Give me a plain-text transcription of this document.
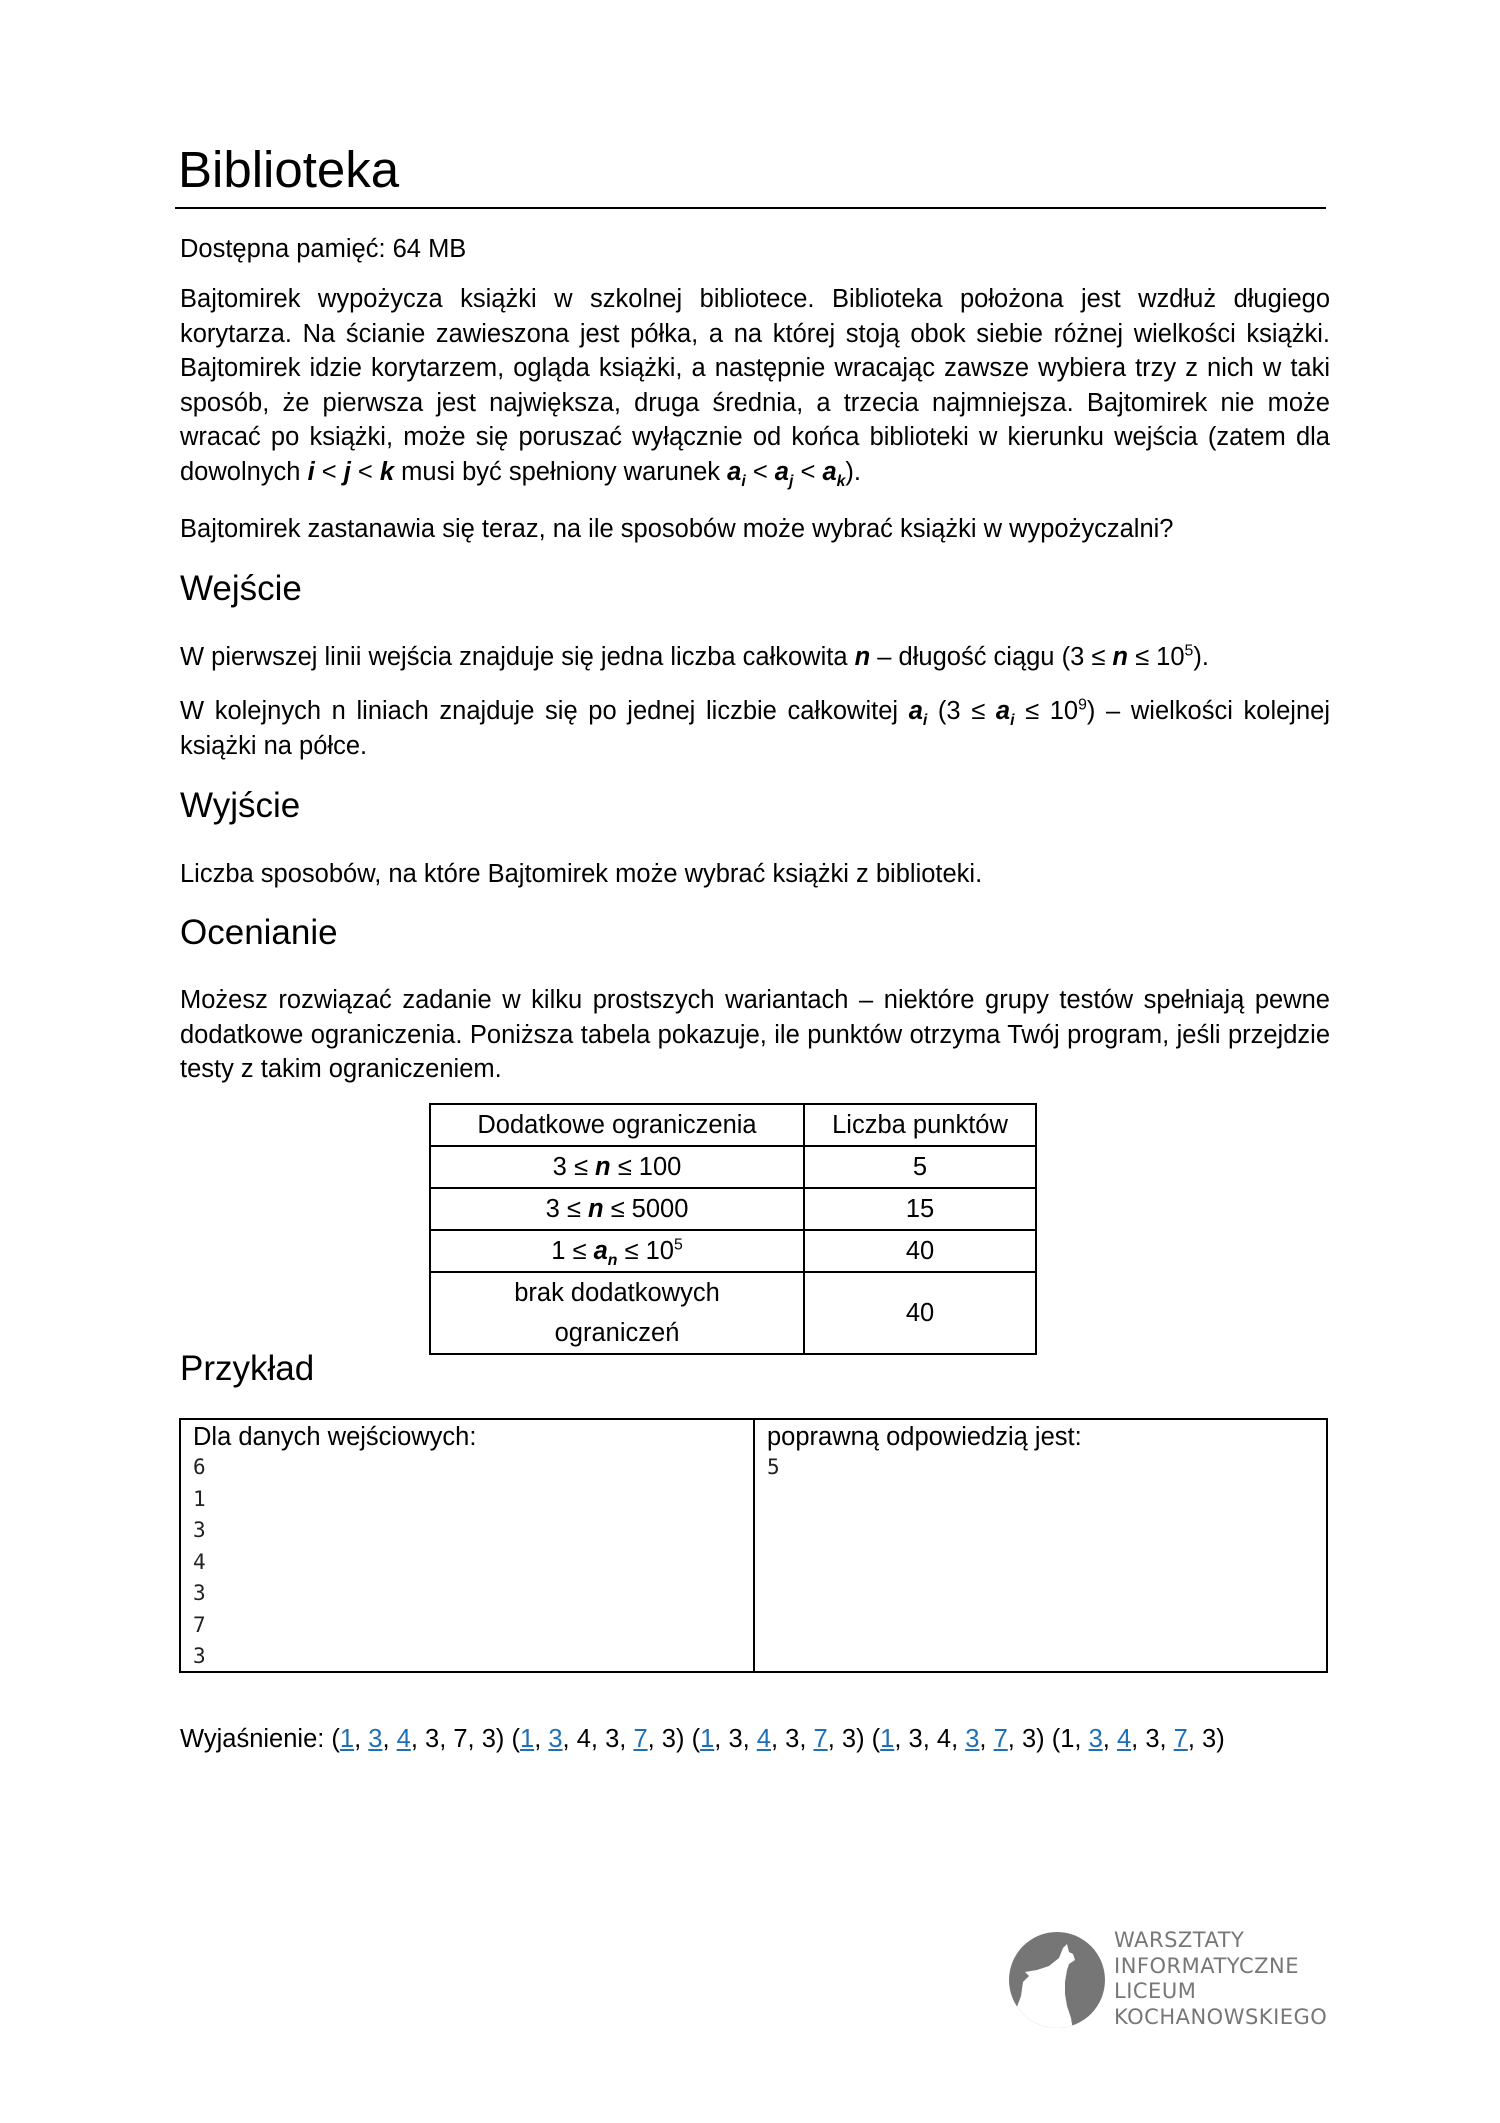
Biblioteka

Dostępna pamięć: 64 MB

Bajtomirek wypożycza książki w szkolnej bibliotece. Biblioteka położona jest wzdłuż długiego korytarza. Na ścianie zawieszona jest półka, a na której stoją obok siebie różnej wielkości książki. Bajtomirek idzie korytarzem, ogląda książki, a następnie wracając zawsze wybiera trzy z nich w taki sposób, że pierwsza jest największa, druga średnia, a trzecia najmniejsza. Bajtomirek nie może wracać po książki, może się poruszać wyłącznie od końca biblioteki w kierunku wejścia (zatem dla dowolnych i < j < k musi być spełniony warunek $a_i < a_j < a_k$).

Bajtomirek zastanawia się teraz, na ile sposobów może wybrać książki w wypożyczalni?

Wejście

W pierwszej linii wejścia znajduje się jedna liczba całkowita n – długość ciągu $(3 \le n \le 10^5)$.

W kolejnych n liniach znajduje się po jednej liczbie całkowitej $a_i$ $(3 \le a_i \le 10^9)$ – wielkości kolejnej książki na półce.

Wyjście

Liczba sposobów, na które Bajtomirek może wybrać książki z biblioteki.

Ocenianie

Możesz rozwiązać zadanie w kilku prostszych wariantach – niektóre grupy testów spełniają pewne dodatkowe ograniczenia. Poniższa tabela pokazuje, ile punktów otrzyma Twój program, jeśli przejdzie testy z takim ograniczeniem.

Dodatkowe ograniczenia	Liczba punktów
3 ≤ n ≤ 100	5
3 ≤ n ≤ 5000	15
$1 \le a_n \le 10^5$	40
brak dodatkowych ograniczeń	40
Przykład
Dla danych wejściowych:
6
1
3
4
3
7
3
poprawną odpowiedzią jest:
5

Wyjaśnienie: (1, 3, 4, 3, 7, 3) (1, 3, 4, 3, 7, 3) (1, 3, 4, 3, 7, 3) (1, 3, 4, 3, 7, 3) (1, 3, 4, 3, 7, 3)

WARSZTATY
INFORMATYCZNE
LICEUM
KOCHANOWSKIEGO
